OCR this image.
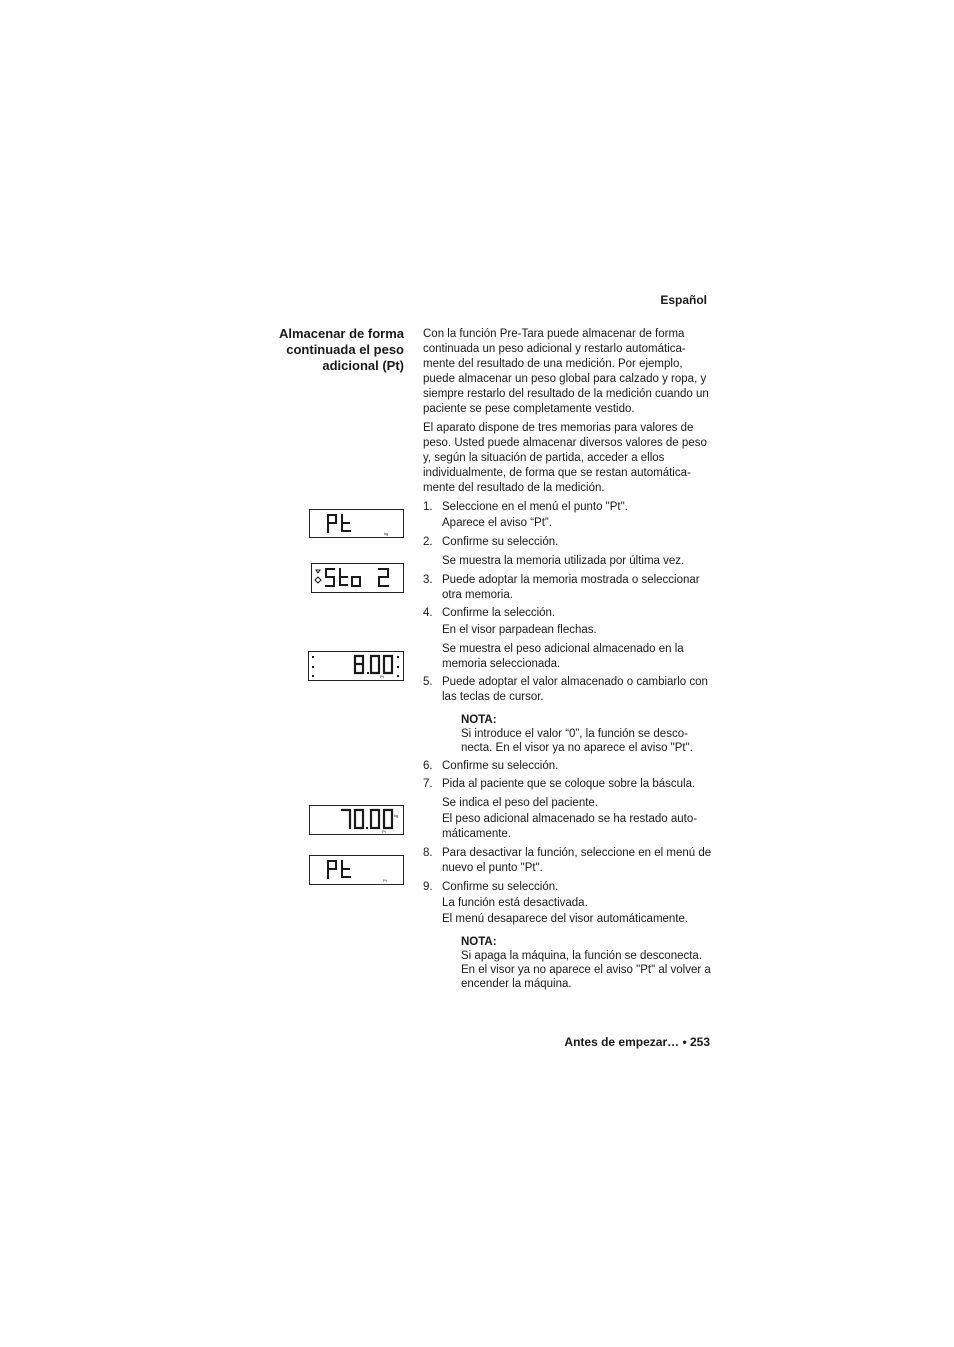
Español
Almacenar de forma continuada el peso adicional (Pt)

Con la función Pre-Tara puede almacenar de forma continuada un peso adicional y restarlo automática-mente del resultado de una medición. Por ejemplo, puede almacenar un peso global para calzado y ropa, y siempre restarlo del resultado de la medición cuando un paciente se pese completamente vestido.

El aparato dispone de tres memorias para valores de peso. Usted puede almacenar diversos valores de peso y, según la situación de partida, acceder a ellos individualmente, de forma que se restan automática-mente del resultado de la medición.

1. Seleccione en el menú el punto "Pt".
Aparece el aviso “Pt”.
2. Confirme su selección.
Se muestra la memoria utilizada por última vez.
3. Puede adoptar la memoria mostrada o seleccionar otra memoria.
4. Confirme la selección.
En el visor parpadean flechas.
Se muestra el peso adicional almacenado en la memoria seleccionada.
5. Puede adoptar el valor almacenado o cambiarlo con las teclas de cursor.
NOTA:
Si introduce el valor “0”, la función se desco-necta. En el visor ya no aparece el aviso "Pt".
6. Confirme su selección.
7. Pida al paciente que se coloque sobre la báscula.
Se indica el peso del paciente.
El peso adicional almacenado se ha restado auto-máticamente.
8. Para desactivar la función, seleccione en el menú de nuevo el punto "Pt".
9. Confirme su selección.
La función está desactivada.
El menú desaparece del visor automáticamente.
NOTA:
Si apaga la máquina, la función se desconecta. En el visor ya no aparece el aviso "Pt" al volver a encender la máquina.
kg
Pt
kg
Pt
Pt
Antes de empezar… • 253
